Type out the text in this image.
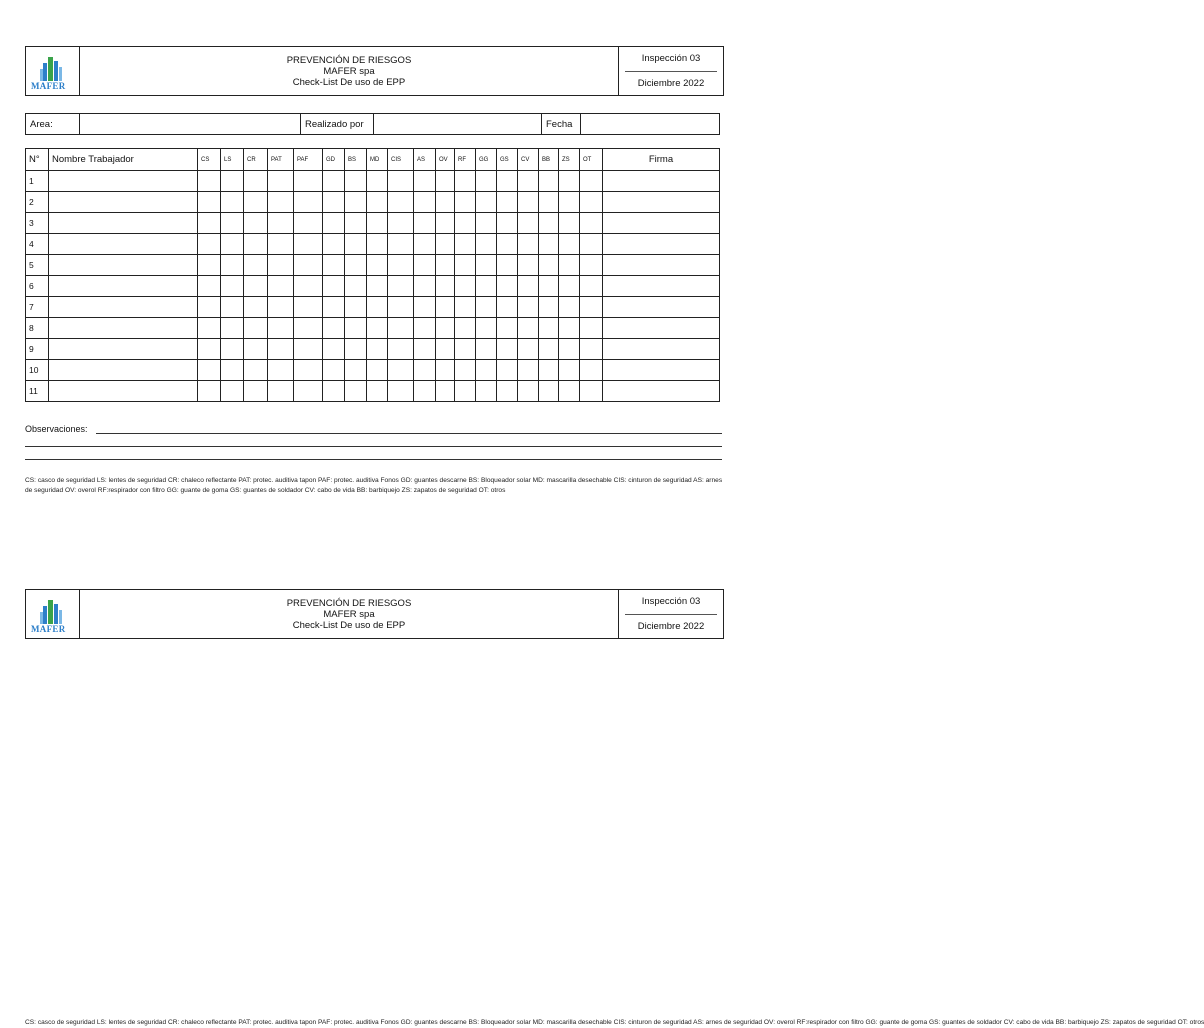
MAFER
PREVENCIÓN DE RIESGOS
MAFER spa
Check-List De uso de EPP
Inspección 03
Diciembre 2022
Area:	Realizado por	Fecha
N°	Nombre Trabajador	CS	LS	CR	PAT	PAF	GD	BS	MD	CIS	AS	OV	RF	GG	GS	CV	BB	ZS	OT	Firma
1																				
2																				
3																				
4																				
5																				
6																				
7																				
8																				
9																				
10																				
11																				
Observaciones:
CS: casco de seguridad LS: lentes de seguridad CR: chaleco reflectante PAT: protec. auditiva tapon PAF: protec. auditiva Fonos GD: guantes descarne BS: Bloqueador solar MD: mascarilla desechable CIS: cinturon de seguridad AS: arnes de seguridad OV: overol RF:respirador con filtro GG: guante de goma GS: guantes de soldador CV: cabo de vida BB: barbiquejo ZS: zapatos de seguridad OT: otros
MAFER
PREVENCIÓN DE RIESGOS
MAFER spa
Check-List De uso de EPP
Inspección 03
Diciembre 2022
CS: casco de seguridad LS: lentes de seguridad CR: chaleco reflectante PAT: protec. auditiva tapon PAF: protec. auditiva Fonos GD: guantes descarne BS: Bloqueador solar MD: mascarilla desechable CIS: cinturon de seguridad AS: arnes de seguridad OV: overol RF:respirador con filtro GG: guante de goma GS: guantes de soldador CV: cabo de vida BB: barbiquejo ZS: zapatos de seguridad OT: otros
